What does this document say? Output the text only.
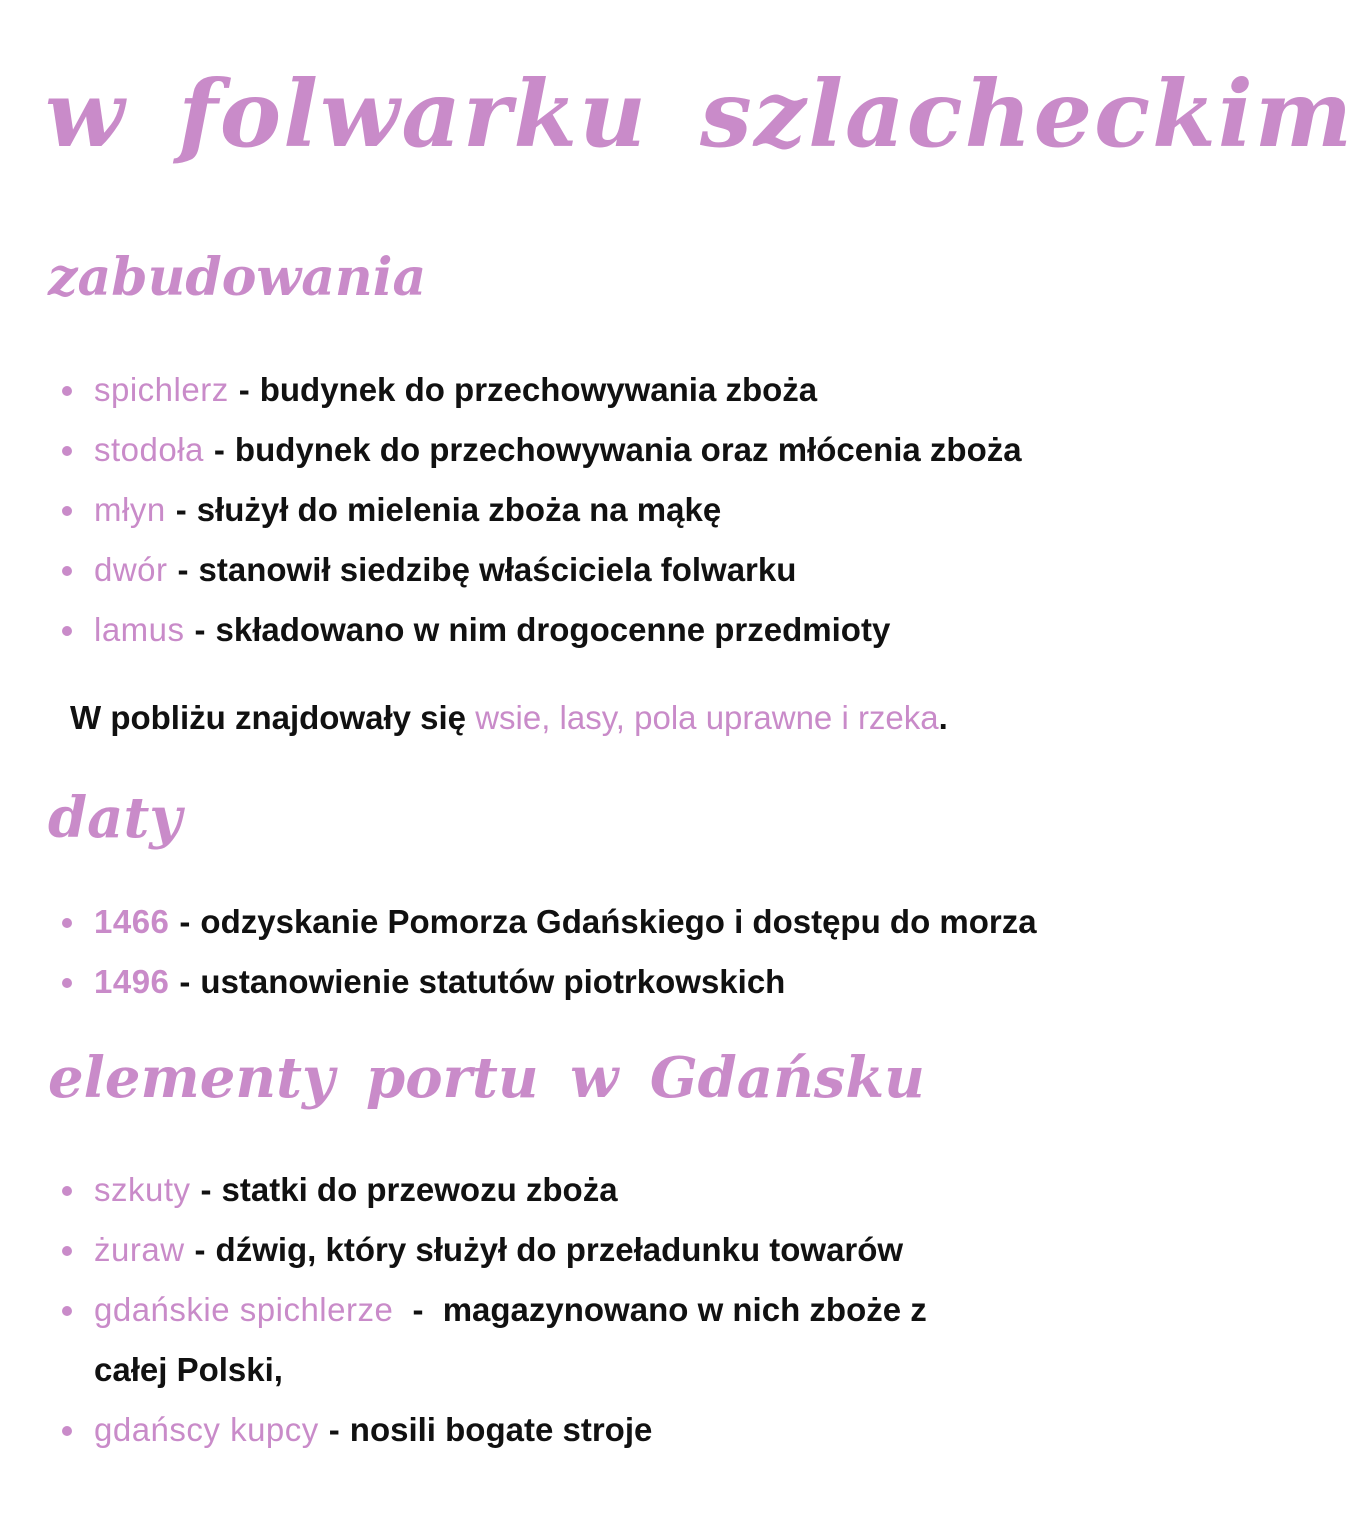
w folwarku szlacheckim
zabudowania
spichlerz - budynek do przechowywania zboża
stodoła - budynek do przechowywania oraz młócenia zboża
młyn - służył do mielenia zboża na mąkę
dwór - stanowił siedzibę właściciela folwarku
lamus - składowano w nim drogocenne przedmioty
W pobliżu znajdowały się wsie, lasy, pola uprawne i rzeka.
daty
1466 - odzyskanie Pomorza Gdańskiego i dostępu do morza
1496 - ustanowienie statutów piotrkowskich
elementy portu w Gdańsku
szkuty - statki do przewozu zboża
żuraw - dźwig, który służył do przeładunku towarów
gdańskie spichlerze - magazynowano w nich zboże z całej Polski,
gdańscy kupcy - nosili bogate stroje
